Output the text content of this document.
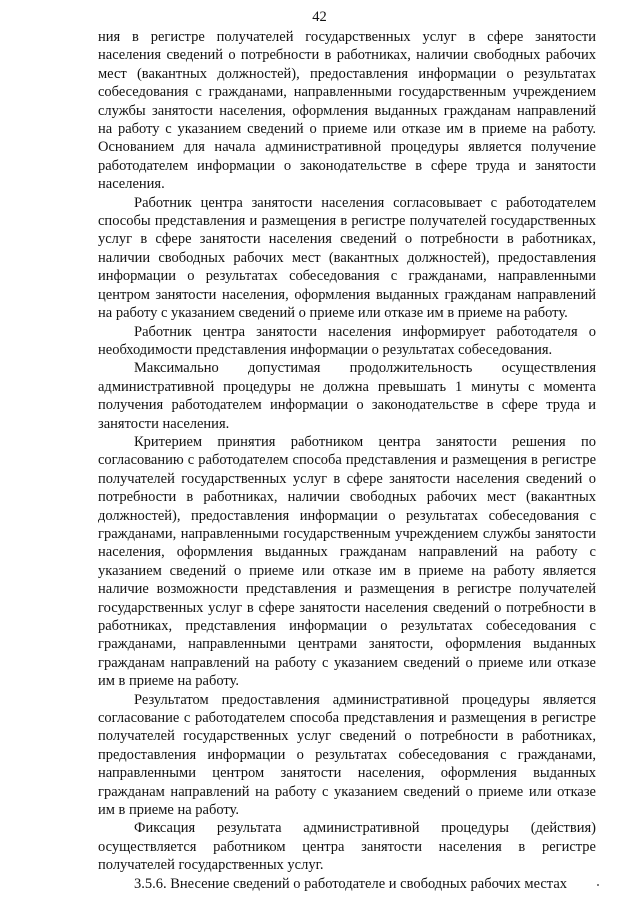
42

ния в регистре получателей государственных услуг в сфере занятости населения сведений о потребности в работниках, наличии свободных рабочих мест (вакантных должностей), предоставления информации о результатах собеседования с гражданами, направленными государственным учреждением службы занятости населения, оформления выданных гражданам направлений на работу с указанием сведений о приеме или отказе им в приеме на работу. Основанием для начала административной процедуры является получение работодателем информации о законодательстве в сфере труда и занятости населения.

Работник центра занятости населения согласовывает с работодателем способы представления и размещения в регистре получателей государственных услуг в сфере занятости населения сведений о потребности в работниках, наличии свободных рабочих мест (вакантных должностей), предоставления информации о результатах собеседования с гражданами, направленными центром занятости населения, оформления выданных гражданам направлений на работу с указанием сведений о приеме или отказе им в приеме на работу.

Работник центра занятости населения информирует работодателя о необходимости представления информации о результатах собеседования.

Максимально допустимая продолжительность осуществления административной процедуры не должна превышать 1 минуты с момента получения работодателем информации о законодательстве в сфере труда и занятости населения.

Критерием принятия работником центра занятости решения по согласованию с работодателем способа представления и размещения в регистре получателей государственных услуг в сфере занятости населения сведений о потребности в работниках, наличии свободных рабочих мест (вакантных должностей), предоставления информации о результатах собеседования с гражданами, направленными государственным учреждением службы занятости населения, оформления выданных гражданам направлений на работу с указанием сведений о приеме или отказе им в приеме на работу является наличие возможности представления и размещения в регистре получателей государственных услуг в сфере занятости населения сведений о потребности в работниках, представления информации о результатах собеседования с гражданами, направленными центрами занятости, оформления выданных гражданам направлений на работу с указанием сведений о приеме или отказе им в приеме на работу.

Результатом предоставления административной процедуры является согласование с работодателем способа представления и размещения в регистре получателей государственных услуг сведений о потребности в работниках, предоставления информации о результатах собеседования с гражданами, направленными центром занятости населения, оформления выданных гражданам направлений на работу с указанием сведений о приеме или отказе им в приеме на работу.

Фиксация результата административной процедуры (действия) осуществляется работником центра занятости населения в регистре получателей государственных услуг.

3.5.6. Внесение сведений о работодателе и свободных рабочих местах
